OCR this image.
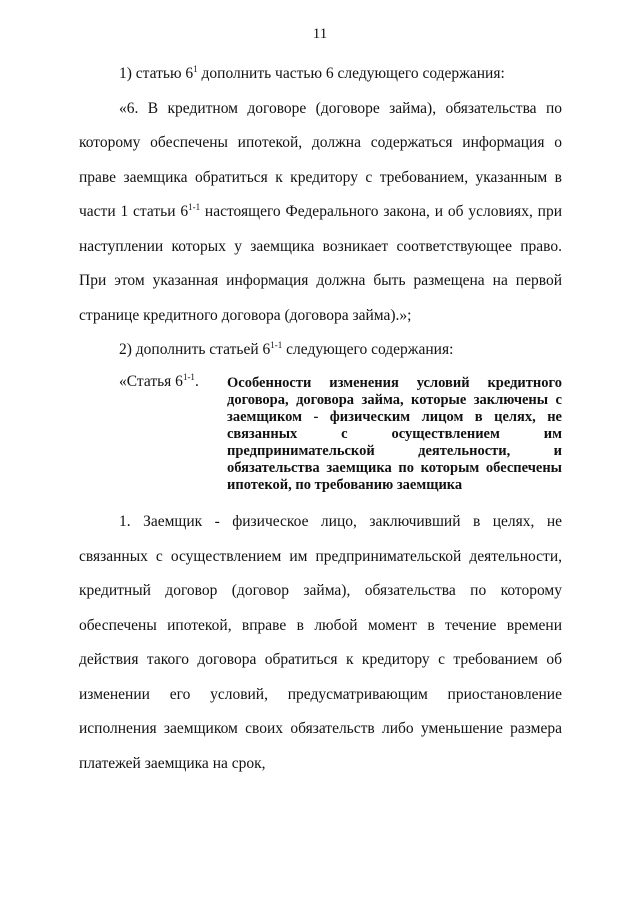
11

1) статью $6^1$ дополнить частью 6 следующего содержания:

«6. В кредитном договоре (договоре займа), обязательства по которому обеспечены ипотекой, должна содержаться информация о праве заемщика обратиться к кредитору с требованием, указанным в части 1 статьи 6$^{1-1}$ настоящего Федерального закона, и об условиях, при наступлении которых у заемщика возникает соответствующее право. При этом указанная информация должна быть размещена на первой странице кредитного договора (договора займа).»;

2) дополнить статьей 6$^{1-1}$ следующего содержания:

«Статья 6$^{1-1}$. Особенности изменения условий кредитного договора, договора займа, которые заключены с заемщиком - физическим лицом в целях, не связанных с осуществлением им предпринимательской деятельности, и обязательства заемщика по которым обеспечены ипотекой, по требованию заемщика

1. Заемщик - физическое лицо, заключивший в целях, не связанных с осуществлением им предпринимательской деятельности, кредитный договор (договор займа), обязательства по которому обеспечены ипотекой, вправе в любой момент в течение времени действия такого договора обратиться к кредитору с требованием об изменении его условий, предусматривающим приостановление исполнения заемщиком своих обязательств либо уменьшение размера платежей заемщика на срок,
